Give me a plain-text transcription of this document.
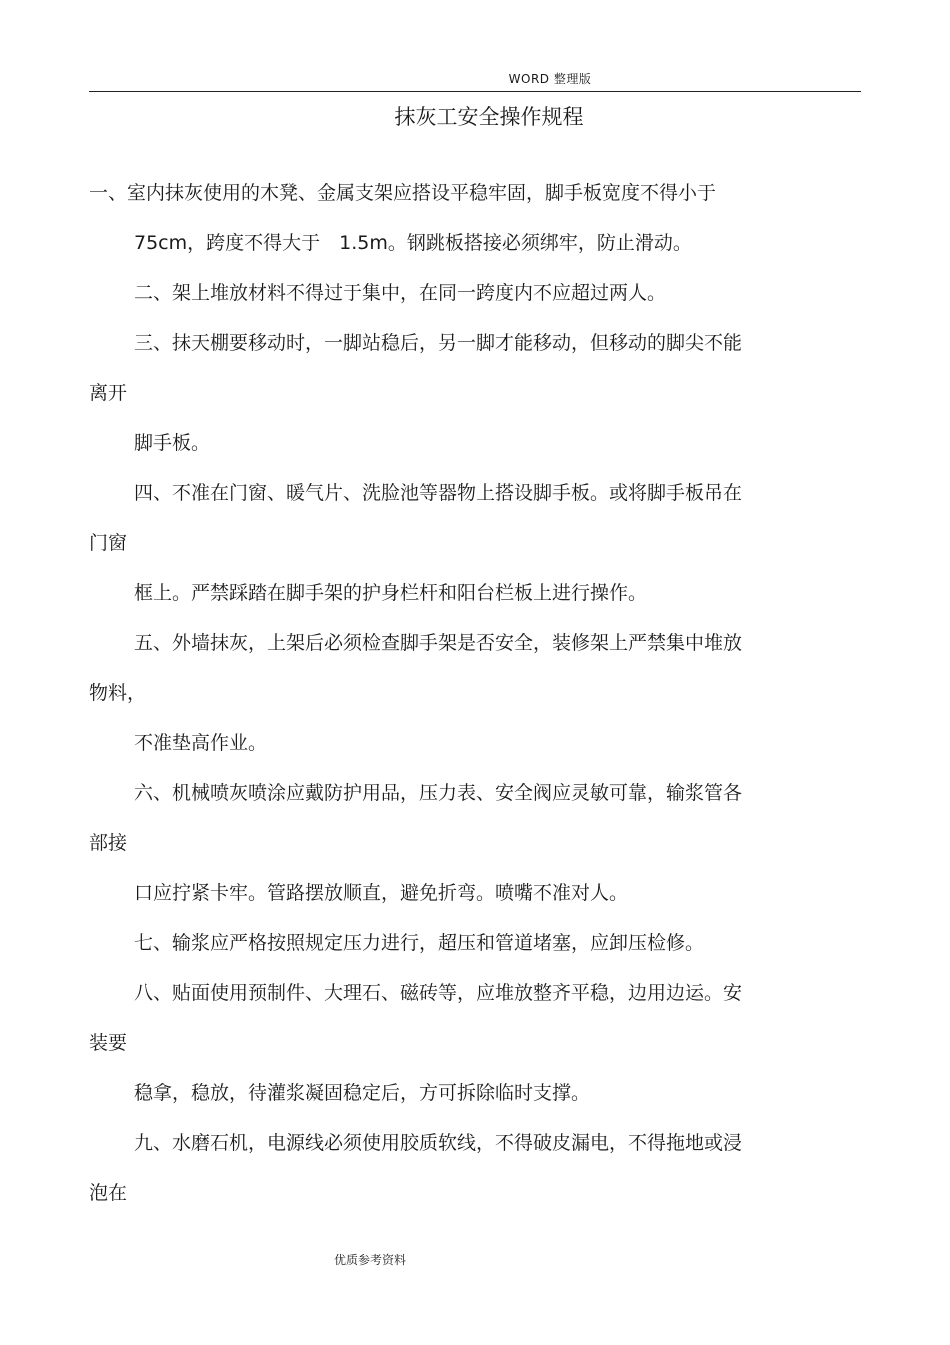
WORD 整理版
抹灰工安全操作规程
一、室内抹灰使用的木凳、金属支架应搭设平稳牢固，脚手板宽度不得小于
75cm，跨度不得大于　1.5m。钢跳板搭接必须绑牢，防止滑动。
二、架上堆放材料不得过于集中，在同一跨度内不应超过两人。
三、抹天棚要移动时，一脚站稳后，另一脚才能移动，但移动的脚尖不能
离开
脚手板。
四、不准在门窗、暖气片、洗脸池等器物上搭设脚手板。或将脚手板吊在
门窗
框上。严禁踩踏在脚手架的护身栏杆和阳台栏板上进行操作。
五、外墙抹灰，上架后必须检查脚手架是否安全，装修架上严禁集中堆放
物料，
不准垫高作业。
六、机械喷灰喷涂应戴防护用品，压力表、安全阀应灵敏可靠，输浆管各
部接
口应拧紧卡牢。管路摆放顺直，避免折弯。喷嘴不准对人。
七、输浆应严格按照规定压力进行，超压和管道堵塞，应卸压检修。
八、贴面使用预制件、大理石、磁砖等，应堆放整齐平稳，边用边运。安
装要
稳拿，稳放，待灌浆凝固稳定后，方可拆除临时支撑。
九、水磨石机，电源线必须使用胶质软线，不得破皮漏电，不得拖地或浸
泡在
优质参考资料
